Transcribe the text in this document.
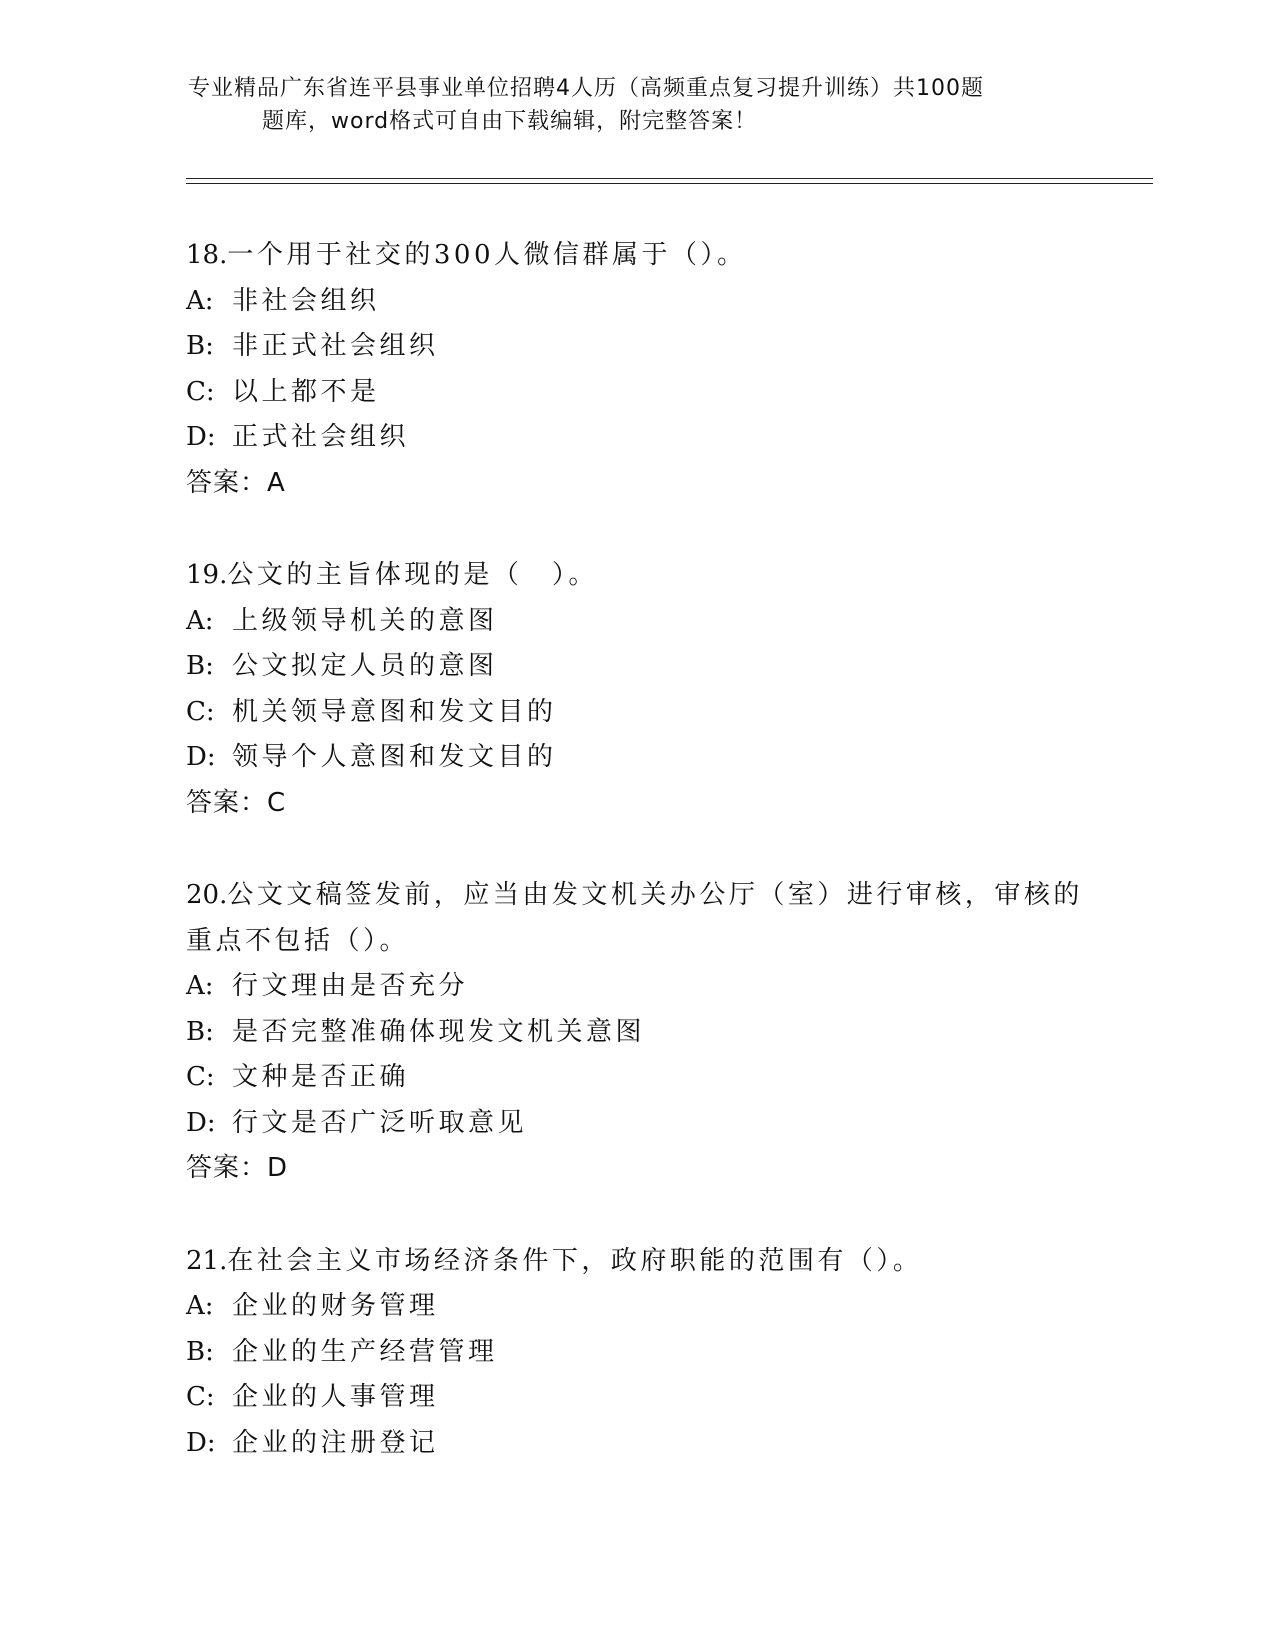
专业精品广东省连平县事业单位招聘4人历（高频重点复习提升训练）共100题
题库，word格式可自由下载编辑，附完整答案！
18.一个用于社交的300人微信群属于（）。
A: 非社会组织
B: 非正式社会组织
C: 以上都不是
D: 正式社会组织
答案：A
19.公文的主旨体现的是（　）。
A: 上级领导机关的意图
B: 公文拟定人员的意图
C: 机关领导意图和发文目的
D: 领导个人意图和发文目的
答案：C
20.公文文稿签发前，应当由发文机关办公厅（室）进行审核，审核的
重点不包括（）。
A: 行文理由是否充分
B: 是否完整准确体现发文机关意图
C: 文种是否正确
D: 行文是否广泛听取意见
答案：D
21.在社会主义市场经济条件下，政府职能的范围有（）。
A: 企业的财务管理
B: 企业的生产经营管理
C: 企业的人事管理
D: 企业的注册登记
